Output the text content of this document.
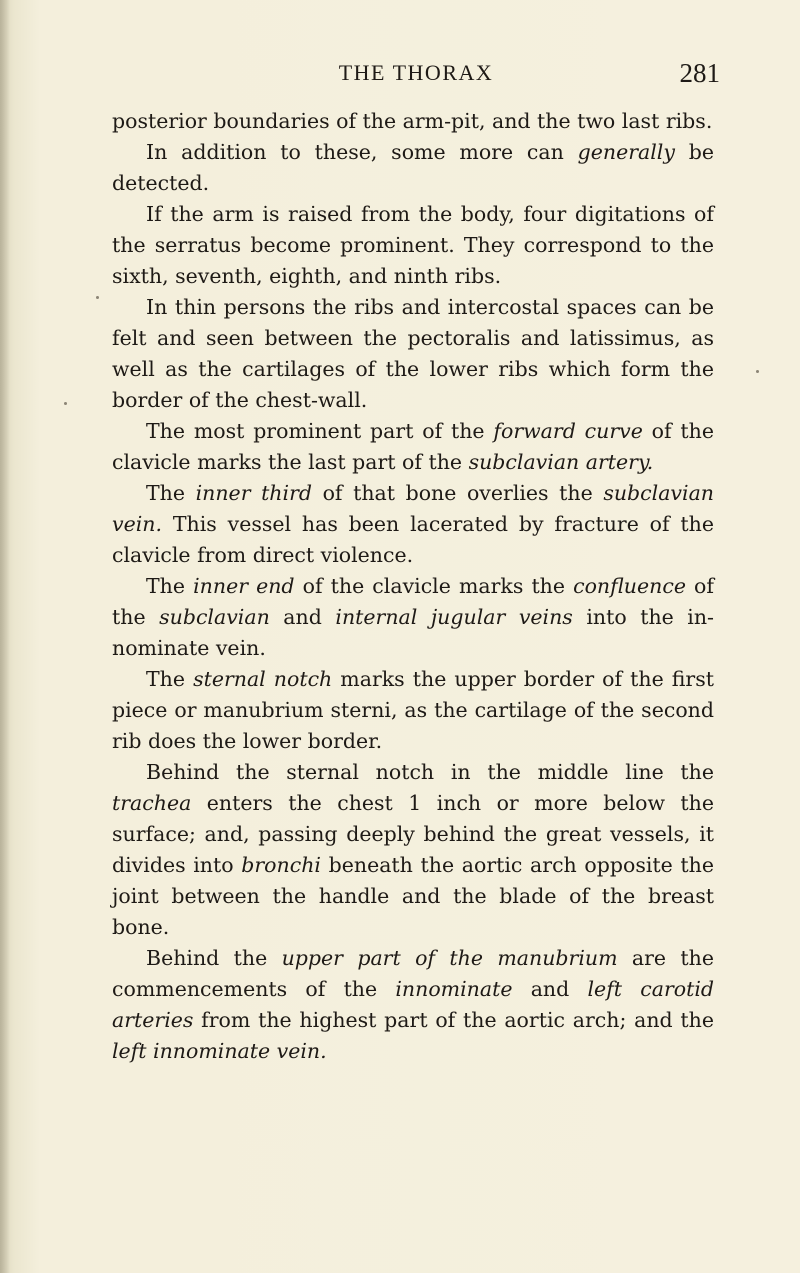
THE THORAX	281

posterior boundaries of the arm-pit, and the two last ribs.

In addition to these, some more can generally be detected.

If the arm is raised from the body, four digitations of the serratus become prominent. They correspond to the sixth, seventh, eighth, and ninth ribs.

In thin persons the ribs and intercostal spaces can be felt and seen between the pectoralis and latissimus, as well as the cartilages of the lower ribs which form the border of the chest-wall.

The most prominent part of the forward curve of the clavicle marks the last part of the subclavian artery.

The inner third of that bone overlies the subclavian vein. This vessel has been lacerated by fracture of the clavicle from direct violence.

The inner end of the clavicle marks the confluence of the subclavian and internal jugular veins into the in-nominate vein.

The sternal notch marks the upper border of the first piece or manubrium sterni, as the cartilage of the second rib does the lower border.

Behind the sternal notch in the middle line the trachea enters the chest 1 inch or more below the surface; and, passing deeply behind the great vessels, it divides into bronchi beneath the aortic arch opposite the joint between the handle and the blade of the breast bone.

Behind the upper part of the manubrium are the commencements of the innominate and left carotid arteries from the highest part of the aortic arch; and the left innominate vein.
